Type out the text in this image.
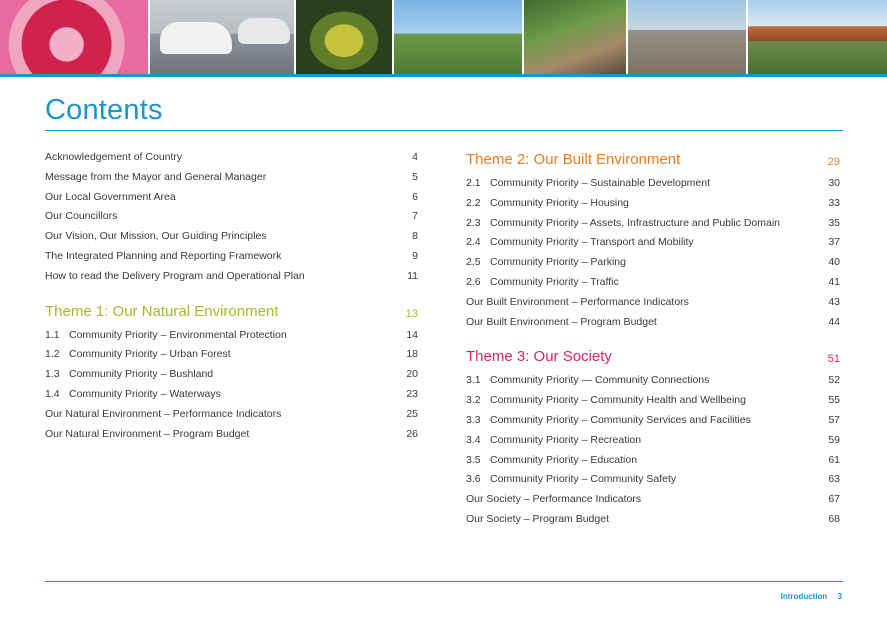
Contents
Acknowledgement of Country	4
Message from the Mayor and General Manager	5
Our Local Government Area	6
Our Councillors	7
Our Vision, Our Mission, Our Guiding Principles	8
The Integrated Planning and Reporting Framework	9
How to read the Delivery Program and Operational Plan	11
Theme 1: Our Natural Environment	13
1.1 Community Priority – Environmental Protection	14
1.2 Community Priority – Urban Forest	18
1.3 Community Priority – Bushland	20
1.4 Community Priority – Waterways	23
Our Natural Environment – Performance Indicators	25
Our Natural Environment – Program Budget	26
Theme 2: Our Built Environment	29
2.1 Community Priority – Sustainable Development	30
2.2 Community Priority – Housing	33
2.3 Community Priority – Assets, Infrastructure and Public Domain	35
2.4 Community Priority – Transport and Mobility	37
2.5 Community Priority – Parking	40
2.6 Community Priority – Traffic	41
Our Built Environment – Performance Indicators	43
Our Built Environment – Program Budget	44
Theme 3: Our Society	51
3.1 Community Priority — Community Connections	52
3.2 Community Priority – Community Health and Wellbeing	55
3.3 Community Priority – Community Services and Facilities	57
3.4 Community Priority – Recreation	59
3.5 Community Priority – Education	61
3.6 Community Priority – Community Safety	63
Our Society – Performance Indicators	67
Our Society – Program Budget	68
Introduction 3
